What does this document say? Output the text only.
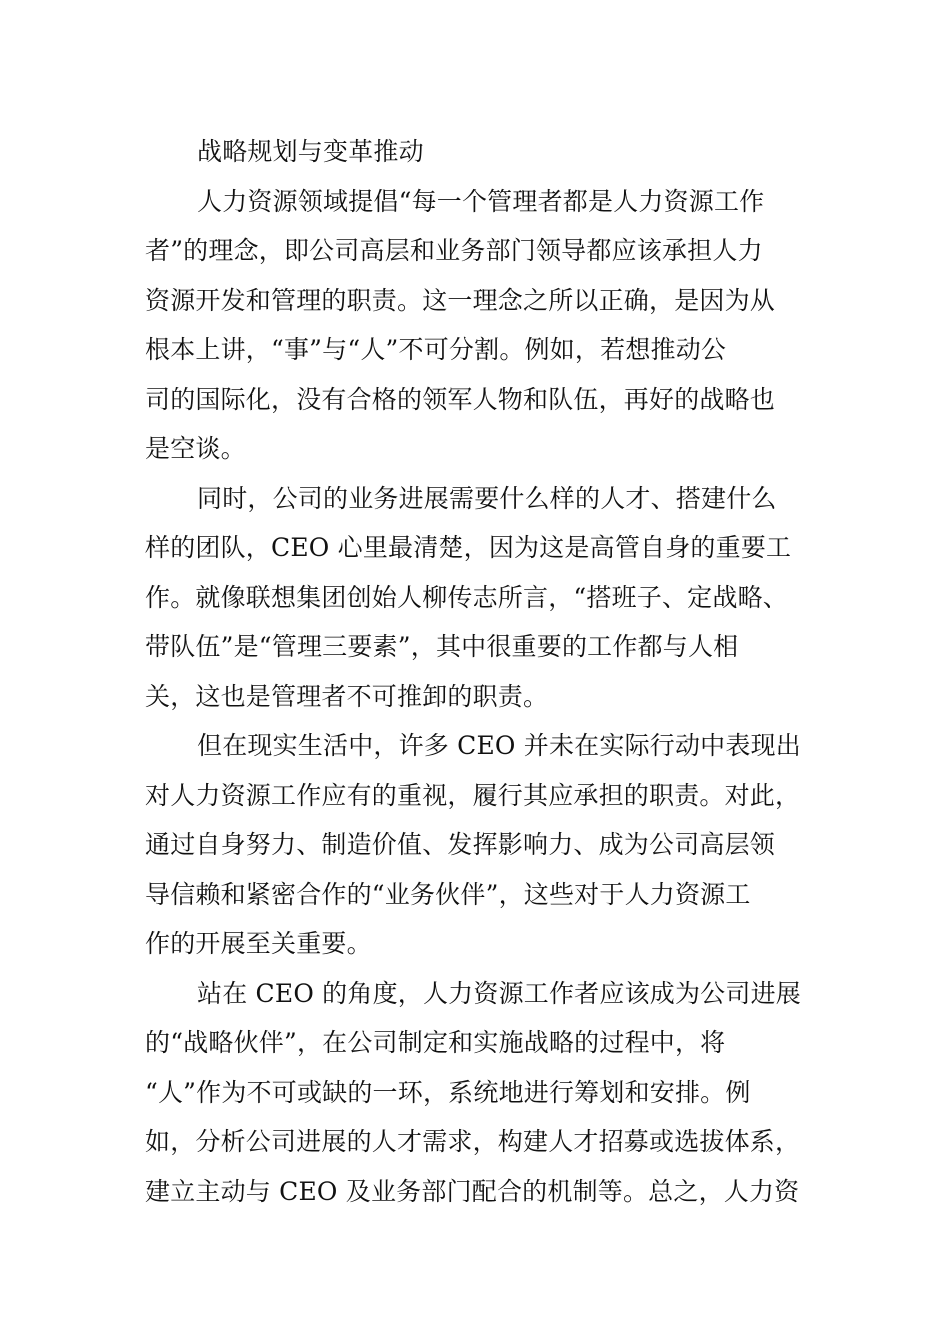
战略规划与变革推动
人力资源领域提倡“每一个管理者都是人力资源工作
者”的理念，即公司高层和业务部门领导都应该承担人力
资源开发和管理的职责。这一理念之所以正确，是因为从
根本上讲，“事”与“人”不可分割。例如，若想推动公
司的国际化，没有合格的领军人物和队伍，再好的战略也
是空谈。
同时，公司的业务进展需要什么样的人才、搭建什么
样的团队，CEO 心里最清楚，因为这是高管自身的重要工
作。就像联想集团创始人柳传志所言，“搭班子、定战略、
带队伍”是“管理三要素”，其中很重要的工作都与人相
关，这也是管理者不可推卸的职责。
但在现实生活中，许多 CEO 并未在实际行动中表现出
对人力资源工作应有的重视，履行其应承担的职责。对此，
通过自身努力、制造价值、发挥影响力、成为公司高层领
导信赖和紧密合作的“业务伙伴”，这些对于人力资源工
作的开展至关重要。
站在 CEO 的角度，人力资源工作者应该成为公司进展
的“战略伙伴”，在公司制定和实施战略的过程中，将
“人”作为不可或缺的一环，系统地进行筹划和安排。例
如，分析公司进展的人才需求，构建人才招募或选拔体系，
建立主动与 CEO 及业务部门配合的机制等。总之，人力资
